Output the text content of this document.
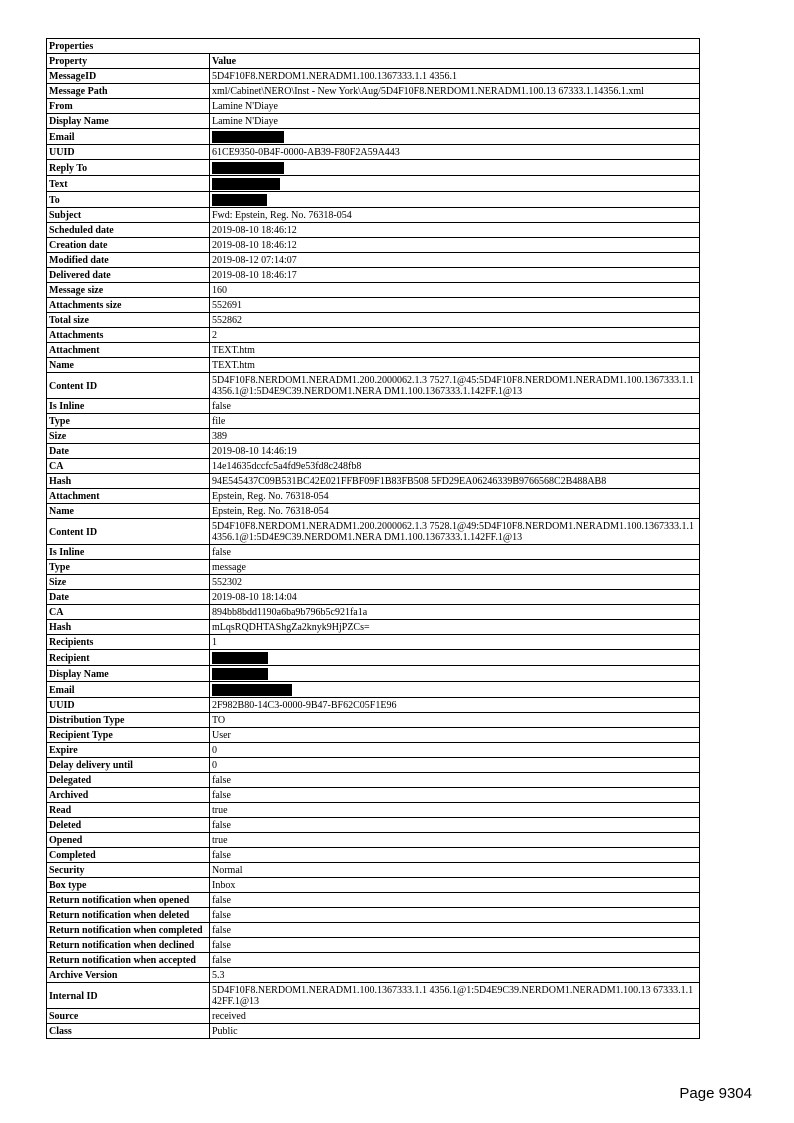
Properties	
Property	Value
MessageID	5D4F10F8.NERDOM1.NERADM1.100.1367333.1.1 4356.1
Message Path	xml/Cabinet\NERO\Inst - New York\Aug/5D4F10F8.NERDOM1.NERADM1.100.13 67333.1.14356.1.xml
From	Lamine N'Diaye
Display Name	Lamine N'Diaye
Email	
UUID	61CE9350-0B4F-0000-AB39-F80F2A59A443
Reply To	
Text	
To	
Subject	Fwd: Epstein, Reg. No. 76318-054
Scheduled date	2019-08-10 18:46:12
Creation date	2019-08-10 18:46:12
Modified date	2019-08-12 07:14:07
Delivered date	2019-08-10 18:46:17
Message size	160
Attachments size	552691
Total size	552862
Attachments	2
Attachment	TEXT.htm
Name	TEXT.htm
Content ID	5D4F10F8.NERDOM1.NERADM1.200.2000062.1.3 7527.1@45:5D4F10F8.NERDOM1.NERADM1.100.1367333.1.14356.1@1:5D4E9C39.NERDOM1.NERA DM1.100.1367333.1.142FF.1@13
Is Inline	false
Type	file
Size	389
Date	2019-08-10 14:46:19
CA	14e14635dccfc5a4fd9e53fd8c248fb8
Hash	94E545437C09B531BC42E021FFBF09F1B83FB508 5FD29EA06246339B9766568C2B488AB8
Attachment	Epstein, Reg. No. 76318-054
Name	Epstein, Reg. No. 76318-054
Content ID	5D4F10F8.NERDOM1.NERADM1.200.2000062.1.3 7528.1@49:5D4F10F8.NERDOM1.NERADM1.100.1367333.1.14356.1@1:5D4E9C39.NERDOM1.NERA DM1.100.1367333.1.142FF.1@13
Is Inline	false
Type	message
Size	552302
Date	2019-08-10 18:14:04
CA	894bb8bdd1190a6ba9b796b5c921fa1a
Hash	mLqsRQDHTAShgZa2knyk9HjPZCs=
Recipients	1
Recipient	
Display Name	
Email	
UUID	2F982B80-14C3-0000-9B47-BF62C05F1E96
Distribution Type	TO
Recipient Type	User
Expire	0
Delay delivery until	0
Delegated	false
Archived	false
Read	true
Deleted	false
Opened	true
Completed	false
Security	Normal
Box type	Inbox
Return notification when opened	false
Return notification when deleted	false
Return notification when completed	false
Return notification when declined	false
Return notification when accepted	false
Archive Version	5.3
Internal ID	5D4F10F8.NERDOM1.NERADM1.100.1367333.1.1 4356.1@1:5D4E9C39.NERDOM1.NERADM1.100.13 67333.1.142FF.1@13
Source	received
Class	Public
Page 9304
